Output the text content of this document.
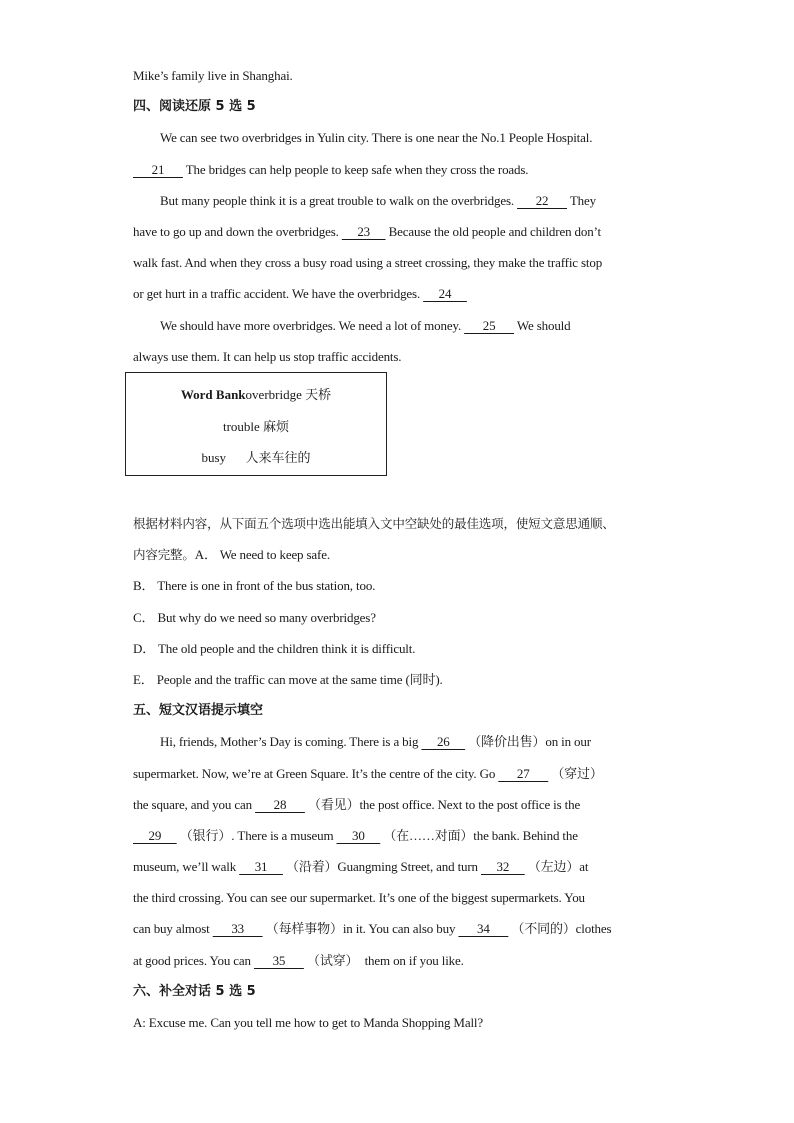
Mike’s family live in Shanghai.
四、阅读还原 5 选 5
We can see two overbridges in Yulin city. There is one near the No.1 People Hospital.
21       The bridges can help people to keep safe when they cross the roads.
But many people think it is a great trouble to walk on the overbridges.       22       They
have to go up and down the overbridges.      23      Because the old people and children don’t
walk fast. And when they cross a busy road using a street crossing, they make the traffic stop
or get hurt in a traffic accident. We have the overbridges.      24
We should have more overbridges. We need a lot of money.       25       We should
always use them. It can help us stop traffic accidents.
Word Bankoverbridge 天桥
trouble 麻烦
busy      人来车往的
根据材料内容，从下面五个选项中选出能填入文中空缺处的最佳选项，使短文意思通顺、
内容完整。A． We need to keep safe.
B． There is one in front of the bus station, too.
C． But why do we need so many overbridges?
D． The old people and the children think it is difficult.
E． People and the traffic can move at the same time (同时).
五、短文汉语提示填空
Hi, friends, Mother’s Day is coming. There is a big      26      （降价出售）on in our
supermarket. Now, we’re at Green Square. It’s the centre of the city. Go       27       （穿过）
the square, and you can       28       （看见）the post office. Next to the post office is the
29      （银行）. There is a museum      30      （在……对面）the bank. Behind the
museum, we’ll walk      31      （沿着）Guangming Street, and turn      32      （左边）at
the third crossing. You can see our supermarket. It’s one of the biggest supermarkets. You
can buy almost       33       （每样事物）in it. You can also buy       34       （不同的）clothes
at good prices. You can       35       （试穿）  them on if you like.
六、补全对话 5 选 5
A: Excuse me. Can you tell me how to get to Manda Shopping Mall?
